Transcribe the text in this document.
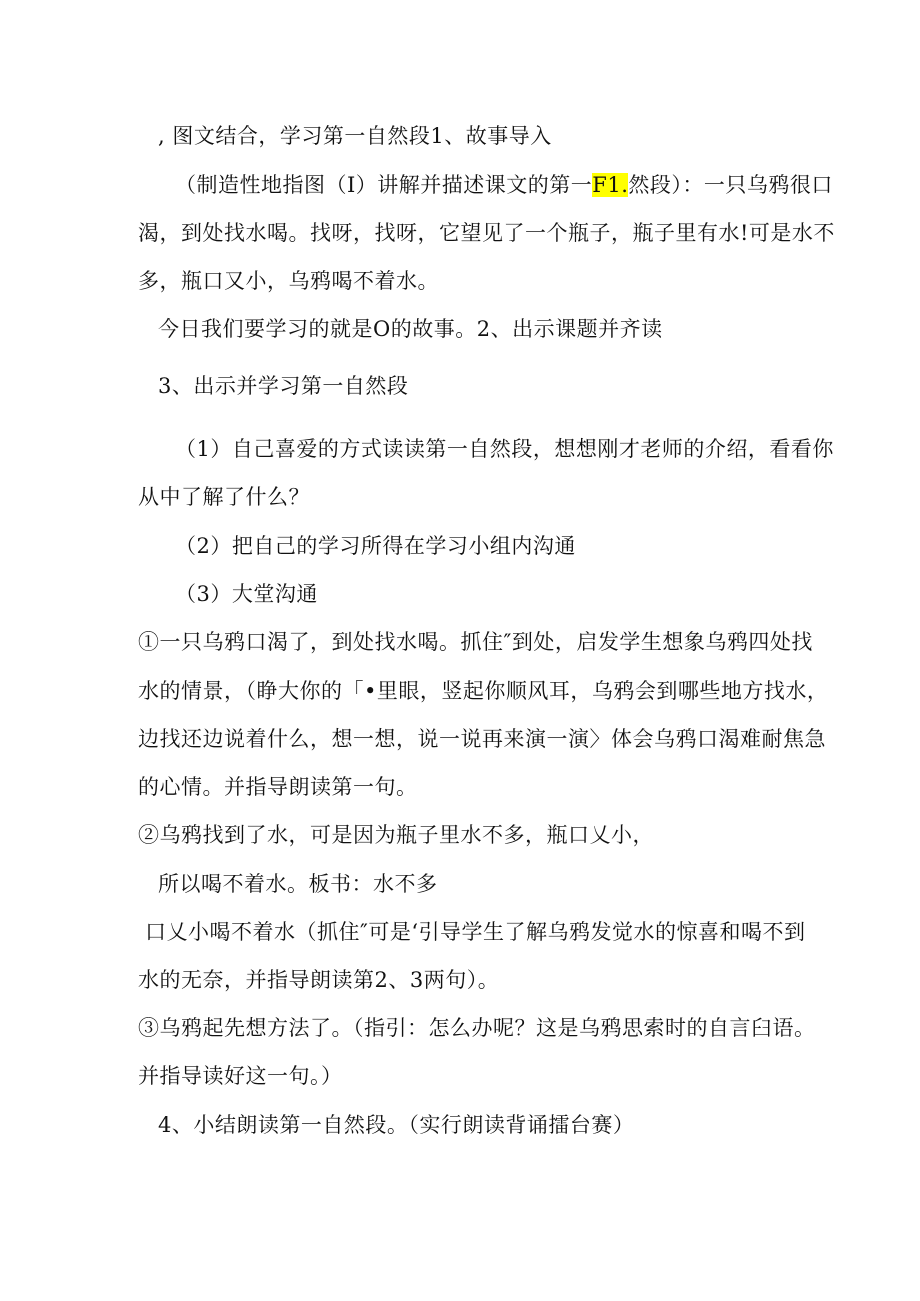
, 图文结合，学习第一自然段1、故事导入
（制造性地指图（I）讲解并描述课文的第一F1.然段）：一只乌鸦很口
渴，到处找水喝。找呀，找呀，它望见了一个瓶子，瓶子里有水!可是水不
多，瓶口又小，乌鸦喝不着水。
今日我们要学习的就是O的故事。2、出示课题并齐读
3、出示并学习第一自然段
（1）自己喜爱的方式读读第一自然段，想想刚才老师的介绍，看看你
从中了解了什么？
（2）把自己的学习所得在学习小组内沟通
（3）大堂沟通
①一只乌鸦口渴了，到处找水喝。抓住″到处，启发学生想象乌鸦四处找
水的情景，（睁大你的「•里眼，竖起你顺风耳，乌鸦会到哪些地方找水，
边找还边说着什么，想一想，说一说再来演一演〉体会乌鸦口渴难耐焦急
的心情。并指导朗读第一句。
②乌鸦找到了水，可是因为瓶子里水不多，瓶口乂小，
所以喝不着水。板书：水不多
口乂小喝不着水（抓住″可是‘引导学生了解乌鸦发觉水的惊喜和喝不到
水的无奈，并指导朗读第2、3两句）。
③乌鸦起先想方法了。（指引：怎么办呢？这是乌鸦思索时的自言臼语。
并指导读好这一句。）
4、小结朗读第一自然段。（实行朗读背诵擂台赛）
